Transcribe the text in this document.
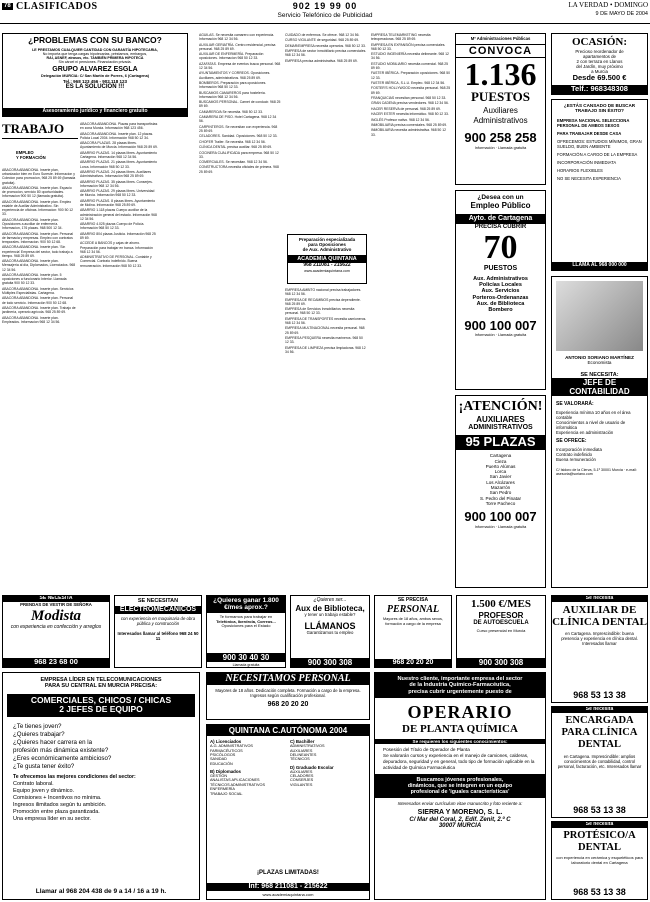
78 CLASIFICADOS	902 19 99 00
Servicio Telefónico de Publicidad
LA VERDAD • DOMINGO
9 DE MAYO DE 2004
¿PROBLEMAS CON SU BANCO?
LE PRESTAMOS CUALQUIER CANTIDAD CON GARANTÍA HIPOTECARIA,
No importa que tenga cargas hipotecarias, préstamos, embargos,
RAI, ASNEF, atrasos, etc. TAMBIÉN PRIMERA HIPOTECA
Sin cárcel ni pensiones. Financiación privada.
GRUPO ALVAREZ ESGLA
Delegación MURCIA: C/ San Martín de Porres, 6 (Cartagena)
Tel.: 968 123 456 - 902 118 123
ES LA SOLUCIÓN !!!
Asesoramiento jurídico y financiero gratuito
TRABAJO
EMPLEO
Y FORMACIÓN

ABACORA ABANDONA. Inserte plan, urbanizador bien en Euro Sureste. Informacion y Colecion para promocion, 968 25 89 69 (llamada gratuita).

ABACORA ABANDONA. Inserte plan. Espacio de promocion, servicio 80 oportunidades. Informacion 900 50 12 (llamada gratuita).

ABACORA ABANDONA. Inserte plan. Empleo estable de Auxiliar Administrativo. Sin experiencia de oficinas. Informacion: 900 50 12 33.

ABACORA ABANDONA. Inserte plan. Oposiciones a auxiliar de enfermería. Informacion, 176 plazas. 968 500 12 34.

ABACORA ABANDONA. Inserte plan. Personal de farmacia y empresas. Empleo con contratos temporales. Informacion. 900 50 12 68.

ABACORA ABANDONA. Inserte plan. 'Sin experiencia' Empresa del sector, todo trabajo a tiempo. 968 25 89 69.

ABACORA ABANDONA. Inserte plan. Mensajería al día, Diplomados, Licenciados. 968 12 34 56.

ABACORA ABANDONA. Inserte plan. 5 oposiciones a funcionario Interior. Llamada gratuita 900 50 12 33.

ABACORA ABANDONA. Inserte plan. Servicios Múltiples Especialistas. Cartagena.

ABACORA ABANDONA. Inserte plan. Personal de todo servicio. Información 900 50 12 68.

ABACORA ABANDONA. Inserte plan. Trabajo de jardinería, operario agrícola. 968 25 89 69.

ABACORA ABANDONA. Inserte plan. Empleados. Informacion 968 12 34 56.

ABACORA ABANDONA. Plazas para transportistas en zona Murcia. Información 968 123 456.

ABACORA ABANDONA. Inserte plan. 12 plazas. Policia Local 2004. Información 968 50 12 34.

ABACORA PLAZAS. 28 plazas libres. Ayuntamiento de Murcia. Información 968 25 89 69.

ABARRIO PLAZAS. 14 plazas libres. Ayuntamiento Cartagena. Información 968 12 34 56.

ABARRIO PLAZAS. 21 plazas libres. Ayuntamiento Lorca. Información 968 50 12 33.

ABARRIO PLAZAS. 24 plazas libres. Auxiliares Administrativos. Información 968 25 89 69.

ABARRIO PLAZAS. 35 plazas libres. Conserjes. Información 968 12 34 56.

ABARRIO PLAZAS. 29 plazas libres. Universidad de Murcia. Información 968 50 12 33.

ABARRIO PLAZAS. 8 plazas libres. Ayuntamiento de Molina. Información 968 25 89 69.

ABARRIO 1.118 plazas Cuerpo auxiliar de la administración general del estado. Información 968 12 34 56.

ABARRIO 4.025 plazas Cuerpo de Policía. Información 968 50 12 33.

ABARRIO 804 plazas Justicia. Información 968 25 89 69.

ACCEDE A BANCOS y cajas de ahorro. Preparación para trabajar en banca. Información 968 12 34 56.

ADMINISTRATIVO DE PERSONAL. Contable y Comercial. Contrato indefinido. Buena remuneración. Información 968 50 12 33.

AGUILAS. Se necesita camarero con experiencia. Información 968 12 34 56.

AUXILIAR GERIATRÍA. Centro residencial, precisa personal. 968 25 89 69.

AUXILIAR DE ENFERMERÍA. Preparación oposiciones. Informacion 968 50 12 33.

AZAFATAS. Empresa de eventos busca personal. 968 12 34 56.

AYUNTAMIENTOS Y CORREOS. Oposiciones. Auxiliares, administrativos. 968 25 89 69.

BOMBEROS. Preparación para oposiciones. Información 968 50 12 33.

BUSCAMOS CAMAREROS para hostelería. Información 968 12 34 56.

BUSCAMOS PERSONAL. Carnet de conducir. 968 25 89 69.

CAMARERO/A Se necesita. 968 50 12 33.

CAMARERA DE PISO. Hotel Cartagena. 968 12 34 56.

CARPINTEROS. Se necesitan con experiencia. 968 25 89 69.

CELADORES. Sanidad. Oposiciones. 968 50 12 33.

CHOFER Trailer. Se necesita. 968 12 34 56.

CLÍNICA DENTAL precisa auxiliar. 968 25 89 69.

COCINERA CUALIFICADA para empresa. 968 50 12 33.

COMERCIALES. Se necesitan. 968 12 34 56.

CONSTRUCTORA necesita oficiales de primera. 968 25 89 69.

CUIDADO de enfermos. Se ofrece. 968 12 34 56.

CURSO VIGILANTE de seguridad. 968 25 89 69.

DEMAR/EMPRESA necesita operarios. 968 50 12 33.

EMPRESA de sector inmobiliario precisa comerciales. 968 12 34 56.

EMPRESA precisa administrativa. 968 25 89 69.

Preparación especializada
para Oposiciones
de Aux. Administrativo
ACADEMIA QUINTANA
968 211081 - 215622
www.academiaquintana.com

EMPRESA AMBITO nacional precisa trabajadores. 968 12 34 56.

EMPRESA DE RECAMBIOS precisa dependiente. 968 25 89 69.

EMPRESA de Servicios Inmobiliarios necesita personal. 968 50 12 33.

EMPRESA DE TRANSPORTES necesita camioneros. 968 12 34 56.

EMPRESA MULTINACIONAL necesita personal. 968 25 89 69.

EMPRESA PESQUERA necesita marineros. 968 50 12 33.

EMPRESA DE LIMPIEZA precisa limpiadoras. 968 12 34 56.

EMPRESA TELEMARKETING necesita teleoperadoras. 968 25 89 69.

EMPRESA EN EXPANSIÓN precisa comerciales. 968 50 12 33.

ESTUDIO INGENIERÍA necesita delineante. 968 12 34 56.

ESTUDIO MOBILIARIO necesita comercial. 968 25 89 69.

FASTER IBÉRICA. Preparación oposiciones. 968 50 12 33.

FASTER IBÉRICA, S.L.U. Empleo. 968 12 34 56.

FOSTER'S HOLLYWOOD necesita personal. 968 25 89 69.

FRANQUICIAS necesitan personal. 968 50 12 33.

GRAN CADENA precisa vendedores. 968 12 34 56.

HACER RESERVA de personal. 968 25 89 69.

HACER ESTER necesita informático. 968 50 12 33.

INGLÉS Profesor nativo. 968 12 34 56.

INMOBILIARIA precisa comerciales. 968 25 89 69.

INMOBILIARIA necesita administrativa. 968 50 12 33.

Mº Administraciones Públicas
CONVOCA
1.136
PUESTOS
Auxiliares
Administrativos
900 258 258
Información · Llamada gratuita
¿Desea con un
Empleo Público
Ayto. de Cartagena
PRECISA CUBRIR
70
PUESTOS
Aux. Administrativos
Policías Locales
Aux. Servicios
Porteros-Ordenanzas
Aux. de Biblioteca
Bombero
900 100 007
Información · Llamada gratuita
¡ATENCIÓN!
AUXILIARES
ADMINISTRATIVOS
95 PLAZAS
Cartagena
Cieza
Puerto Alúmas
Lorca
San Javier
Los Alcázares
Mazarrón
San Pedro
S. Pedro del Pinatar
Torre Pacheco
900 100 007
Información · Llamada gratuita
OCASIÓN:
Precioso reordenador de
apartamentos de
2 con terraza en Llanos
del Jardín, muy próximo
a Murcia
Desde 69.500 €
Telf.: 968348308
¿ESTÁS CANSADO DE BUSCAR
TRABAJO SIN ÉXITO?
EMPRESA NACIONAL SELECCIONA PERSONAL DE AMBOS SEXOS
PARA TRABAJAR DESDE CASA
OFRECEMOS: ESTUDIOS MÍNIMOS, GRAN SUELDO, BUEN AMBIENTE
FORMACIÓN A CARGO DE LA EMPRESA
INCORPORACIÓN INMEDIATA
HORARIOS FLEXIBLES
NO SE NECESITA EXPERIENCIA
LLAMA AL 968 000 000
ANTONIO SORIANO MARTÍNEZ
Economista
SE NECESITA:
JEFE DE
CONTABILIDAD
SE VALORARÁ:
Experiencia mínima 10 años en el área contable
Conocimientos a nivel de usuario de informática
Experiencia en administración
SE OFRECE:
Incorporación inmediata
Contrato indefinido
Buena remuneración
C/ Isidoro de la Cierva, 5-1º 30001 Murcia · e-mail: asesoria@soriano.com
SE NECESITA
PRENDAS DE VESTIR DE SEÑORA
Modista
con experiencia en confección y arreglos
968 23 68 00
SE NECESITAN
ELECTROMECÁNICOS
con experiencia en maquinaria de obra pública y construcción
Interesados llamar al teléfono 968 24 50 11
¿Quieres ganar 1.800 €/mes aprox.?
Te formamos para trabajar en
Telefónica, Iberdrola, Correos...
Oposiciones para el Estado
900 30 40 30
Llamada gratuita
¿Quieres ser...
Aux de Biblioteca,
y tener un trabajo estable?
LLÁMANOS
Garantizamos tu empleo
900 300 308
SE PRECISA
PERSONAL
Mayores de 18 años, ambos sexos, formación a cargo de la empresa
968 20 20 20
1.500 €/MES
PROFESOR
DE AUTOESCUELA
Curso presencial en Murcia
900 300 308
EMPRESA LÍDER EN TELECOMUNICACIONES
PARA SU CENTRAL EN MURCIA PRECISA:
COMERCIALES, CHICOS / CHICAS
2 JEFES DE EQUIPO
¿Te tienes joven?
¿Quieres trabajar?
¿Quieres hacer carrera en la
profesión más dinámica existente?
¿Eres económicamente ambicioso?
¿Te gusta tener éxito?
Te ofrecemos las mejores condiciones del sector:
Contrato laboral.
Equipo joven y dinámico.
Comisiones + Incentivos no mínima.
Ingresos ilimitados según tu ambición.
Promoción entre plaza garantizada.
Una empresa líder en su sector.
Llamar al 968 204 438 de 9 a 14 / 16 a 19 h.
NECESITAMOS PERSONAL
Mayores de 18 años. Dedicación completa. Formación a cargo de la empresa. Ingresos según cualificación profesional.
968 20 20 20
QUINTANA C.AUTÓNOMA 2004
A) Licenciados
A.G. ADMINISTRATIVOS
FARMACÉUTICOS
PSICÓLOGOS
SANIDAD
EDUCACIÓN
B) Diplomados
GESTIÓN
ANALISTAS APLICACIONES
TÉCNICOS ADMINISTRATIVOS
ENFERMERÍA
TRABAJO SOCIAL
C) Bachiller
ADMINISTRATIVOS
AUXILIARES
DELINEANTES
TÉCNICOS
D) Graduado Escolar
AUXILIARES
CELADORES
CONSERJES
VIGILANTES
¡PLAZAS LIMITADAS!
Inf: 968 211081 - 215622
www.academiaquintana.com
Nuestro cliente, importante empresa del sector
de la Industria Químico-Farmacéutica,
precisa cubrir urgentemente puesto de
OPERARIO
DE PLANTA QUÍMICA
Se requieren los siguientes conocimientos:
Posesión del Título de Operador de Planta
Se valorarán cursos y experiencia en el manejo de camiones, calderas, depuradora, seguridad y en general, todo tipo de formación aplicable en la actividad de Química Farmacéutica
Buscamos jóvenes profesionales,
dinámicos, que se integren en un equipo
profesional de 'iguales características'
Interesados enviar currículum vitae manuscrito y foto reciente a:
SIERRA Y MORENO, S. L.
C/ Mar del Coral, 2, Edif. Zenit, 2.º C
30007 MURCIA
Se necesita
AUXILIAR DE CLÍNICA DENTAL
en Cartagena. Imprescindible: buena presencia y experiencia en clínica dental. Interesados llamar
968 53 13 38
Se necesita
ENCARGADA PARA CLÍNICA DENTAL
en Cartagena. Imprescindible: amplios conocimientos de contabilidad, control personal, facturación, etc. Interesados llamar
968 53 13 38
Se necesita
PROTÉSICO/A DENTAL
con experiencia en cerámica y esqueléticos para laboratorio dental en Cartagena
968 53 13 38
